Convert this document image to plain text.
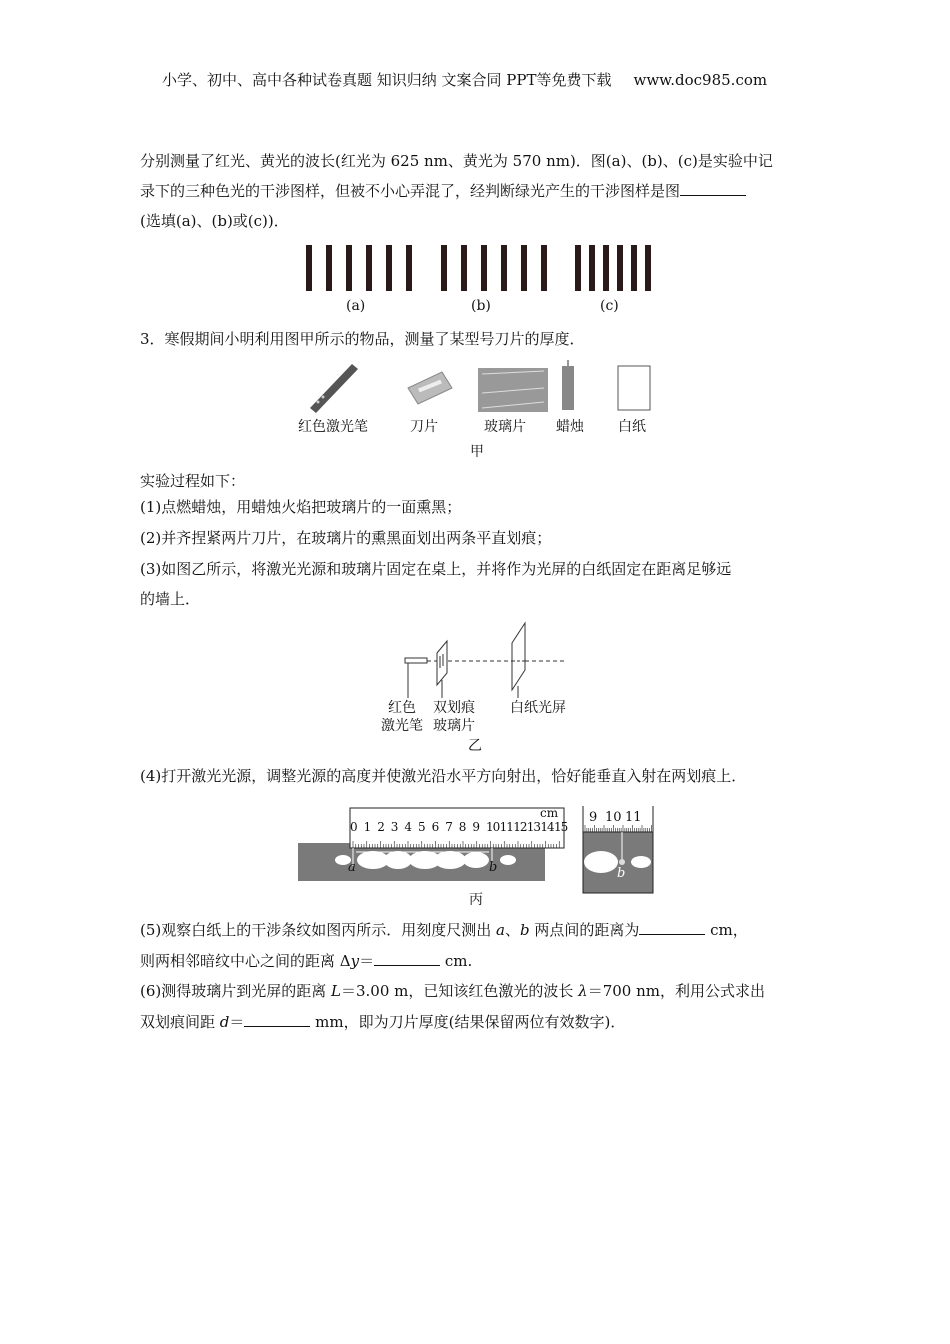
小学、初中、高中各种试卷真题 知识归纳 文案合同 PPT等免费下载 www.doc985.com
分别测量了红光、黄光的波长(红光为 625 nm、黄光为 570 nm)．图(a)、(b)、(c)是实验中记
录下的三种色光的干涉图样，但被不小心弄混了，经判断绿光产生的干涉图样是图
(选填(a)、(b)或(c))．
(a)	(b)	(c)
3．寒假期间小明利用图甲所示的物品，测量了某型号刀片的厚度．
红色激光笔	刀片	玻璃片 蜡烛 白纸
甲
实验过程如下：
(1)点燃蜡烛，用蜡烛火焰把玻璃片的一面熏黑；
(2)并齐捏紧两片刀片，在玻璃片的熏黑面划出两条平直划痕；
(3)如图乙所示，将激光光源和玻璃片固定在桌上，并将作为光屏的白纸固定在距离足够远
的墙上．
红色
激光笔
双划痕
玻璃片
白纸光屏
乙
(4)打开激光光源，调整光源的高度并使激光沿水平方向射出，恰好能垂直入射在两划痕上．
cm
a	b
s
9 10 11
b
丙
(5)观察白纸上的干涉条纹如图丙所示．用刻度尺测出 a、b 两点间的距离为	cm，
则两相邻暗纹中心之间的距离 Δy＝	cm.
(6)测得玻璃片到光屏的距离 L＝3.00 m，已知该红色激光的波长 λ＝700 nm，利用公式求出
双划痕间距 d＝	mm，即为刀片厚度(结果保留两位有效数字)．
0 1 2 3 4 5 6 7 8 9 10 11 12 13 14 15
